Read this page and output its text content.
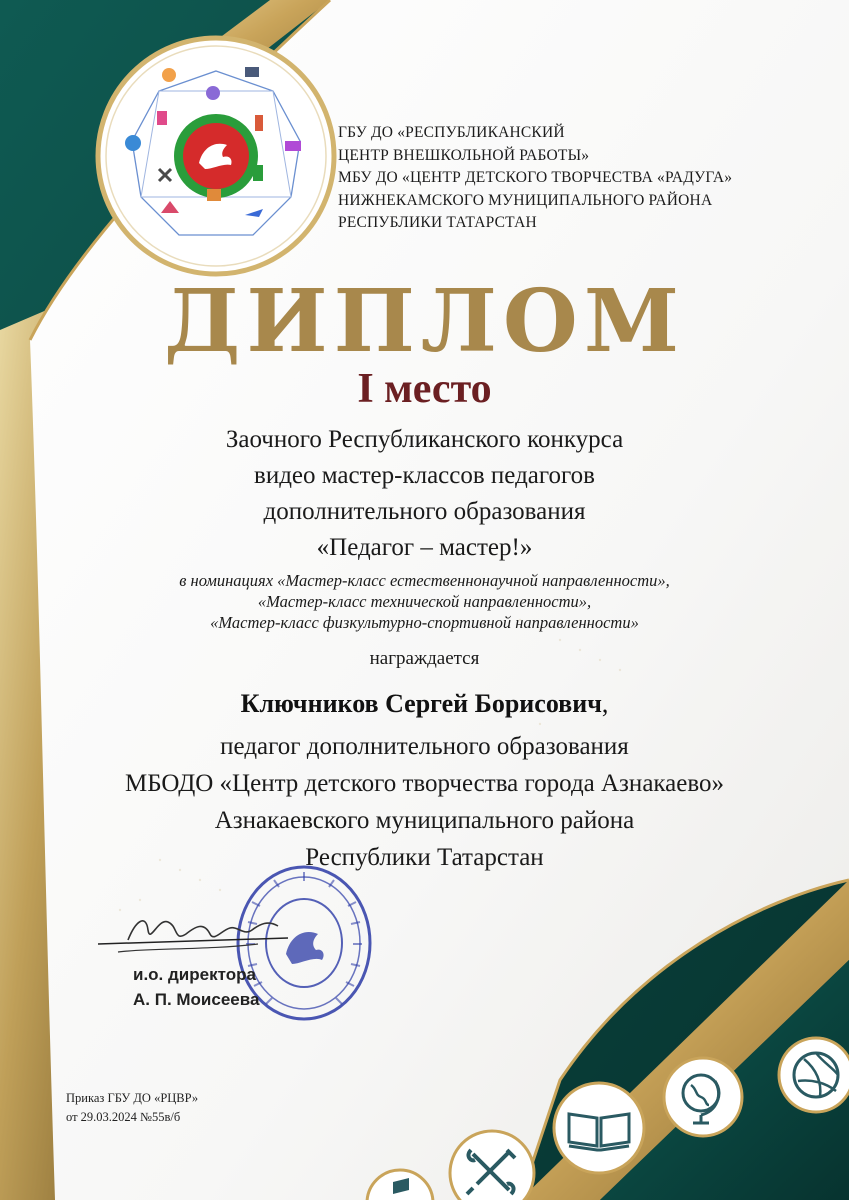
ГБУ ДО «РЕСПУБЛИКАНСКИЙ
ЦЕНТР ВНЕШКОЛЬНОЙ РАБОТЫ»
МБУ ДО «ЦЕНТР ДЕТСКОГО ТВОРЧЕСТВА «РАДУГА»
НИЖНЕКАМСКОГО МУНИЦИПАЛЬНОГО РАЙОНА
РЕСПУБЛИКИ ТАТАРСТАН
ДИПЛОМ
I место
Заочного Республиканского конкурса
видео мастер-классов педагогов
дополнительного образования
«Педагог – мастер!»
в номинациях «Мастер-класс естественнонаучной направленности»,
«Мастер-класс технической направленности»,
«Мастер-класс физкультурно-спортивной направленности»
награждается
Ключников Сергей Борисович,
педагог дополнительного образования
МБОДО «Центр детского творчества города Азнакаево»
Азнакаевского муниципального района
Республики Татарстан
и.о. директора
А. П. Моисеева
Приказ ГБУ ДО «РЦВР»
от 29.03.2024 №55в/б
